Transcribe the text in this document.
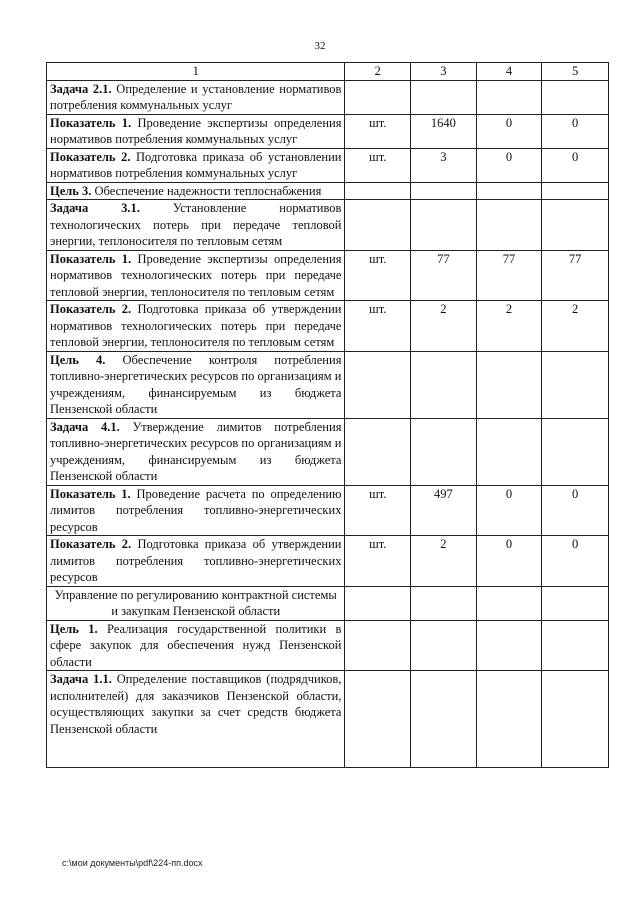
32
1	2	3	4	5
Задача 2.1. Определение и установление нормативов потребления коммунальных услуг				
Показатель 1. Проведение экспертизы определения нормативов потребления коммунальных услуг	шт.	1640	0	0
Показатель 2. Подготовка приказа об установлении нормативов потребления коммунальных услуг	шт.	3	0	0
Цель 3. Обеспечение надежности теплоснабжения				
Задача 3.1. Установление нормативов технологических потерь при передаче тепловой энергии, теплоносителя по тепловым сетям				
Показатель 1. Проведение экспертизы определения нормативов технологических потерь при передаче тепловой энергии, теплоносителя по тепловым сетям	шт.	77	77	77
Показатель 2. Подготовка приказа об утверждении нормативов технологических потерь при передаче тепловой энергии, теплоносителя по тепловым сетям	шт.	2	2	2
Цель 4. Обеспечение контроля потребления топливно-энергетических ресурсов по организациям и учреждениям, финансируемым из бюджета Пензенской области				
Задача 4.1. Утверждение лимитов потребления топливно-энергетических ресурсов по организациям и учреждениям, финансируемым из бюджета Пензенской области				
Показатель 1. Проведение расчета по определению лимитов потребления топливно-энергетических ресурсов	шт.	497	0	0
Показатель 2. Подготовка приказа об утверждении лимитов потребления топливно-энергетических ресурсов	шт.	2	0	0
Управление по регулированию контрактной системы и закупкам Пензенской области				
Цель 1. Реализация государственной политики в сфере закупок для обеспечения нужд Пензенской области				
Задача 1.1. Определение поставщиков (подрядчиков, исполнителей) для заказчиков Пензенской области, осуществляющих закупки за счет средств бюджета Пензенской области				
c:\мои документы\pdf\224-пп.docx
